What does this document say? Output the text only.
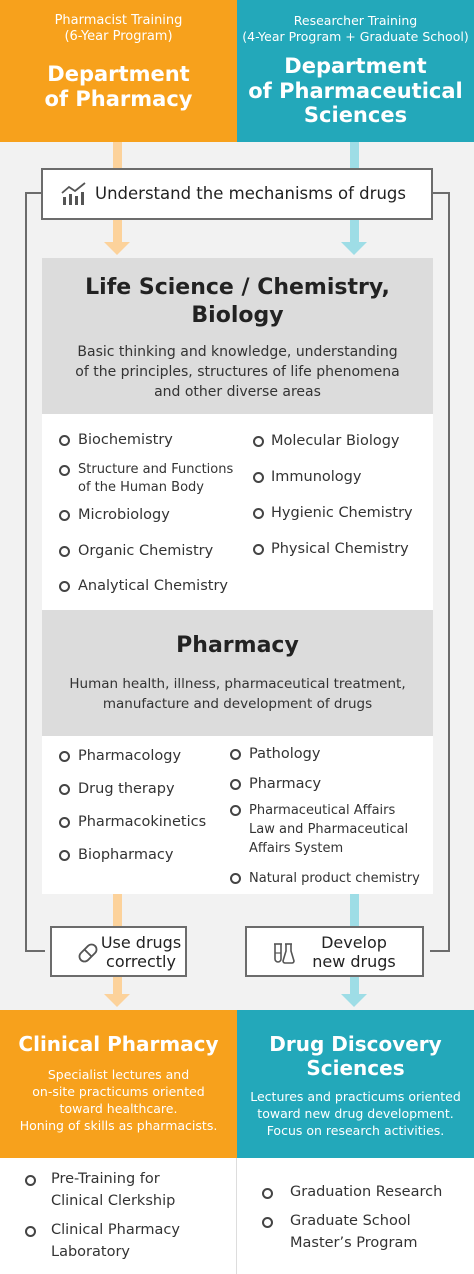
Pharmacist Training
(6-Year Program)
Department
of Pharmacy
Researcher Training
(4-Year Program + Graduate School)
Department
of Pharmaceutical
Sciences
Understand the mechanisms of drugs
Life Science / Chemistry,
Biology
Basic thinking and knowledge, understanding
of the principles, structures of life phenomena
and other diverse areas
Biochemistry
Structure and Functions
of the Human Body
Microbiology
Organic Chemistry
Analytical Chemistry
Molecular Biology
Immunology
Hygienic Chemistry
Physical Chemistry
Pharmacy
Human health, illness, pharmaceutical treatment,
manufacture and development of drugs
Pharmacology
Drug therapy
Pharmacokinetics
Biopharmacy
Pathology
Pharmacy
Pharmaceutical Affairs
Law and Pharmaceutical
Affairs System
Natural product chemistry
Use drugs
correctly
Develop
new drugs
Clinical Pharmacy
Specialist lectures and
on-site practicums oriented
toward healthcare.
Honing of skills as pharmacists.
Drug Discovery
Sciences
Lectures and practicums oriented
toward new drug development.
Focus on research activities.
Pre-Training for
Clinical Clerkship
Clinical Pharmacy
Laboratory
Graduation Research
Graduate School
Master’s Program
